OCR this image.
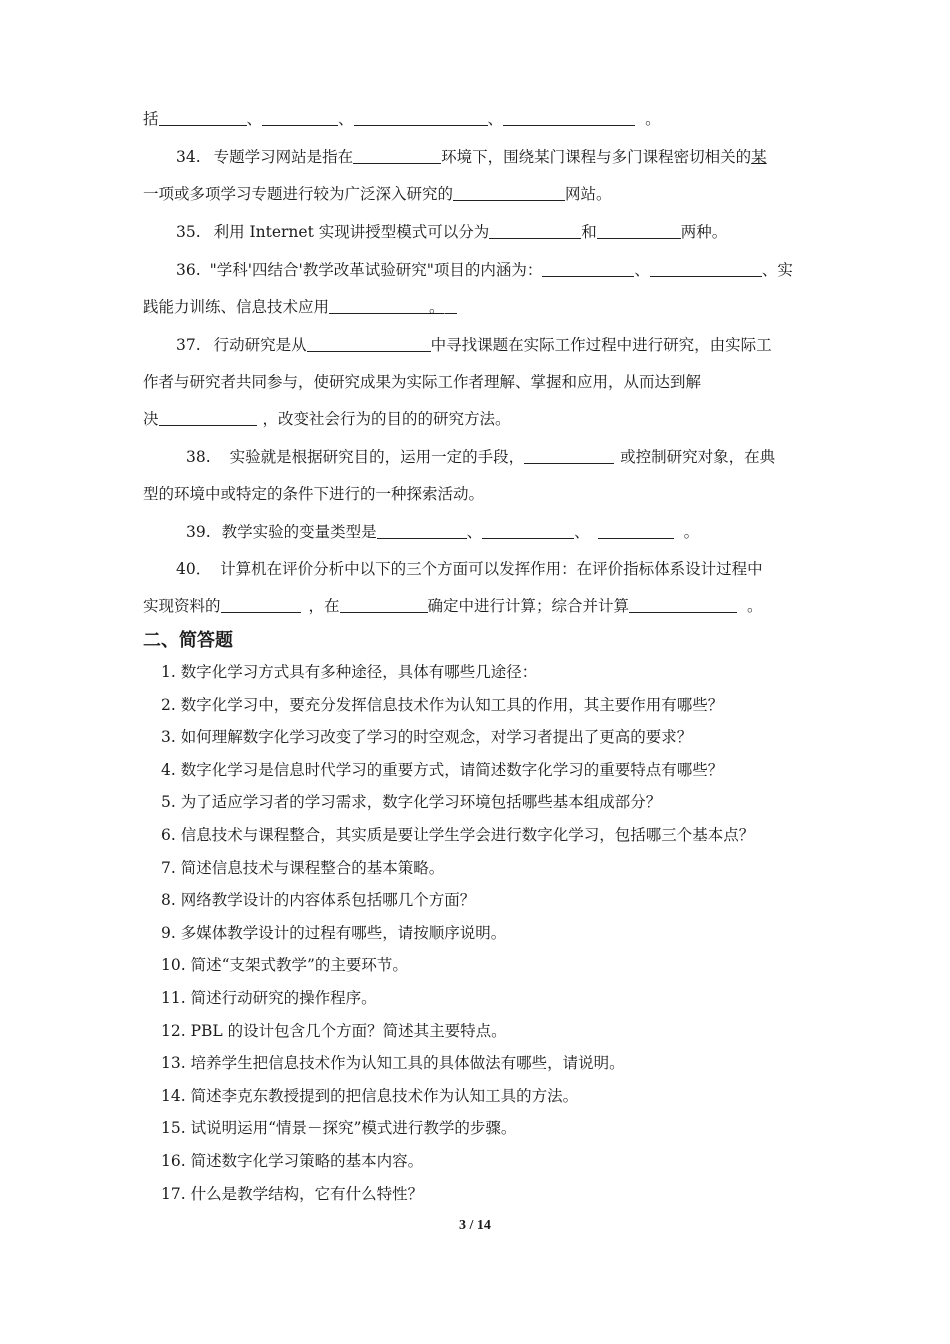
括	、	、	、	。
34. 专题学习网站是指在	环境下，围绕某门课程与多门课程密切相关的某
一项或多项学习专题进行较为广泛深入研究的	网站。
35. 利用 Internet 实现讲授型模式可以分为	和	两种。
36. "学科'四结合'教学改革试验研究"项目的内涵为：	、	、实
践能力训练、信息技术应用	。
37. 行动研究是从	中寻找课题在实际工作过程中进行研究，由实际工
作者与研究者共同参与，使研究成果为实际工作者理解、掌握和应用，从而达到解
决	，改变社会行为的目的的研究方法。
38. 实验就是根据研究目的，运用一定的手段，	或控制研究对象，在典
型的环境中或特定的条件下进行的一种探索活动。
39. 教学实验的变量类型是	、	、	。
40． 计算机在评价分析中以下的三个方面可以发挥作用：在评价指标体系设计过程中
实现资料的	，在	确定中进行计算；综合并计算	。
二、简答题
1. 数字化学习方式具有多种途径，具体有哪些几途径：
2. 数字化学习中，要充分发挥信息技术作为认知工具的作用，其主要作用有哪些？
3. 如何理解数字化学习改变了学习的时空观念，对学习者提出了更高的要求？
4. 数字化学习是信息时代学习的重要方式，请简述数字化学习的重要特点有哪些？
5. 为了适应学习者的学习需求，数字化学习环境包括哪些基本组成部分？
6. 信息技术与课程整合，其实质是要让学生学会进行数字化学习，包括哪三个基本点？
7. 简述信息技术与课程整合的基本策略。
8. 网络教学设计的内容体系包括哪几个方面？
9. 多媒体教学设计的过程有哪些，请按顺序说明。
10. 简述“支架式教学”的主要环节。
11. 简述行动研究的操作程序。
12. PBL 的设计包含几个方面？简述其主要特点。
13. 培养学生把信息技术作为认知工具的具体做法有哪些，请说明。
14. 简述李克东教授提到的把信息技术作为认知工具的方法。
15. 试说明运用“情景－探究”模式进行教学的步骤。
16. 简述数字化学习策略的基本内容。
17. 什么是教学结构，它有什么特性？
3 / 14
